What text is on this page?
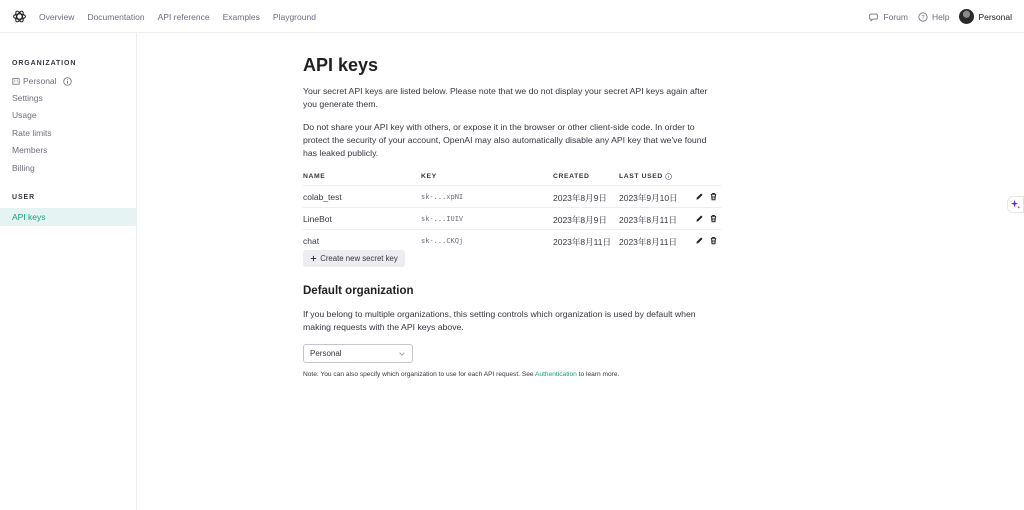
Overview Documentation API reference Examples Playground	Forum ? Help	Personal
ORGANIZATION
Personal
Settings
Usage
Rate limits
Members
Billing
USER
API keys
API keys
Your secret API keys are listed below. Please note that we do not display your secret API keys again after you generate them.
Do not share your API key with others, or expose it in the browser or other client-side code. In order to protect the security of your account, OpenAI may also automatically disable any API key that we've found has leaked publicly.
NAME	KEY	CREATED	LAST USED
colab_test	sk-...xpNI	2023年8月9日 2023年9月10日
LineBot	sk-...IUIV	2023年8月9日 2023年8月11日
chat	sk-...CKQj	2023年8月11日 2023年8月11日
Create new secret key
Default organization
If you belong to multiple organizations, this setting controls which organization is used by default when making requests with the API keys above.
Personal
Note: You can also specify which organization to use for each API request. See Authentication to learn more.
